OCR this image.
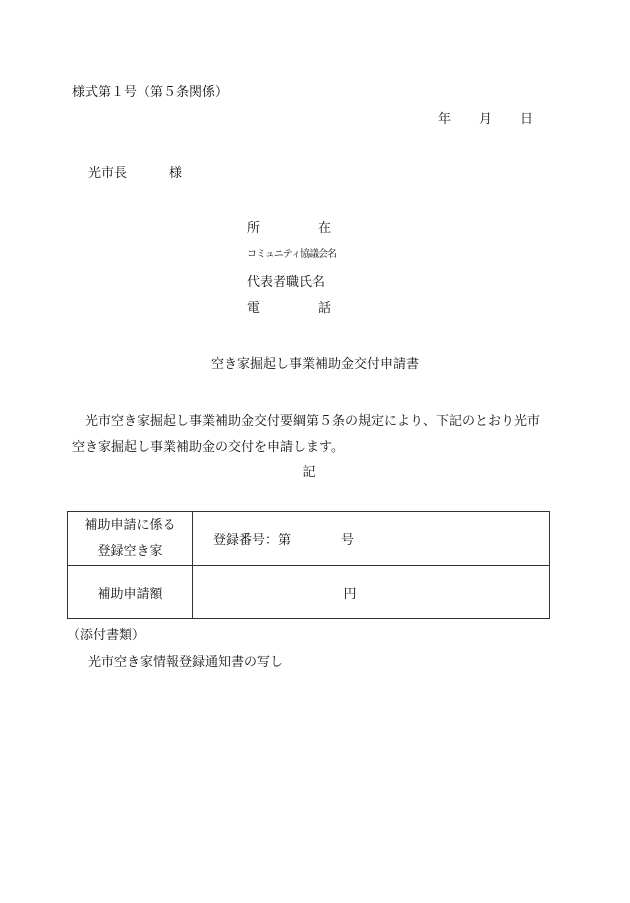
様式第１号（第５条関係）
年 月 日
光市長	様
所 在
コミュニティ協議会名
代表者職氏名
電 話
空き家掘起し事業補助金交付申請書
光市空き家掘起し事業補助金交付要綱第５条の規定により、下記のとおり光市空き家掘起し事業補助金の交付を申請します。
記
補助申請に係る
登録空き家	登録番号：第 号
補助申請額	円
（添付書類）
光市空き家情報登録通知書の写し
